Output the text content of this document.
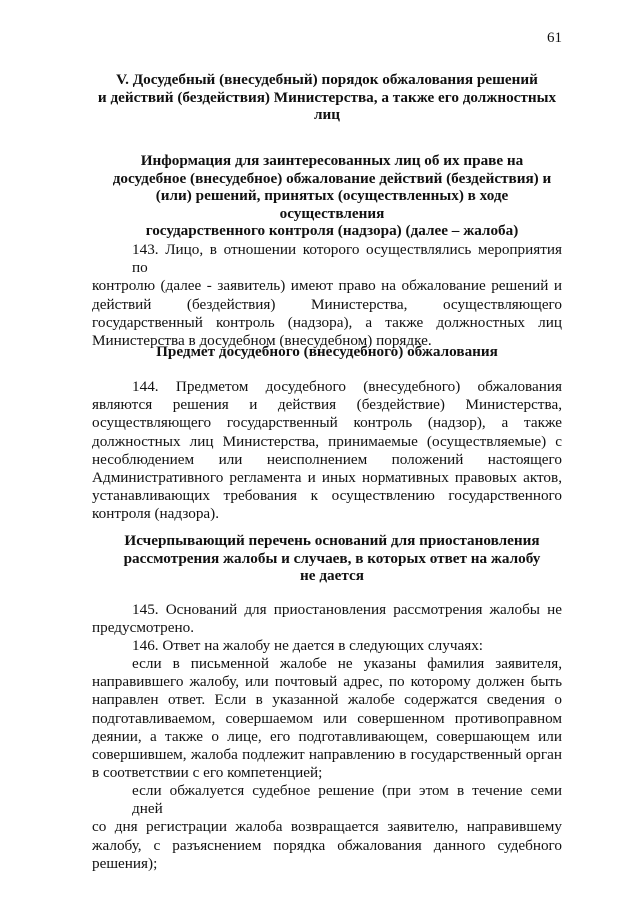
61
V. Досудебный (внесудебный) порядок обжалования решений
и действий (бездействия) Министерства, а также его должностных
лиц
Информация для заинтересованных лиц об их праве на
досудебное (внесудебное) обжалование действий (бездействия) и
(или) решений, принятых (осуществленных) в ходе осуществления
государственного контроля (надзора) (далее – жалоба)
143. Лицо, в отношении которого осуществлялись мероприятия по
контролю (далее - заявитель) имеют право на обжалование решений и
действий (бездействия) Министерства, осуществляющего
государственный контроль (надзора), а также должностных лиц
Министерства в досудебном (внесудебном) порядке.
Предмет досудебного (внесудебного) обжалования
144. Предметом досудебного (внесудебного) обжалования
являются решения и действия (бездействие) Министерства,
осуществляющего государственный контроль (надзор), а также
должностных лиц Министерства, принимаемые (осуществляемые) с
несоблюдением или неисполнением положений настоящего
Административного регламента и иных нормативных правовых актов,
устанавливающих требования к осуществлению государственного
контроля (надзора).
Исчерпывающий перечень оснований для приостановления
рассмотрения жалобы и случаев, в которых ответ на жалобу
не дается
145. Оснований для приостановления рассмотрения жалобы не
предусмотрено.
146. Ответ на жалобу не дается в следующих случаях:
если в письменной жалобе не указаны фамилия заявителя,
направившего жалобу, или почтовый адрес, по которому должен быть
направлен ответ. Если в указанной жалобе содержатся сведения о
подготавливаемом, совершаемом или совершенном противоправном
деянии, а также о лице, его подготавливающем, совершающем или
совершившем, жалоба подлежит направлению в государственный орган
в соответствии с его компетенцией;
если обжалуется судебное решение (при этом в течение семи дней
со дня регистрации жалоба возвращается заявителю, направившему
жалобу, с разъяснением порядка обжалования данного судебного
решения);
